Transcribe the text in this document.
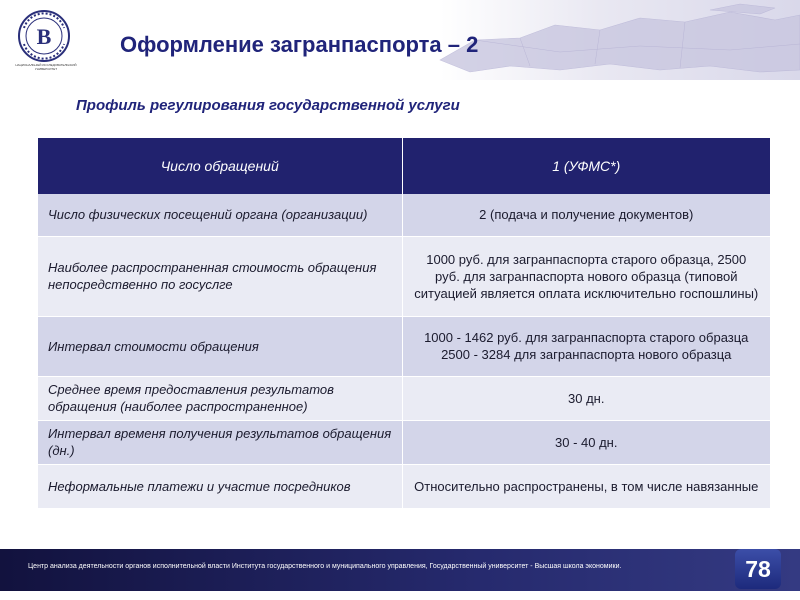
В
НАЦИОНАЛЬНЫЙ ИССЛЕДОВАТЕЛЬСКИЙ УНИВЕРСИТЕТ
Оформление загранпаспорта – 2
Профиль регулирования государственной услуги
Число обращений	1 (УФМС*)
Число физических посещений органа (организации)	2 (подача и получение документов)
Наиболее распространенная стоимость обращения непосредственно по госуслге	1000 руб. для загранпаспорта старого образца, 2500 руб. для загранпаспорта нового образца (типовой ситуацией является оплата исключительно госпошлины)
Интервал стоимости обращения	1000 - 1462 руб. для загранпаспорта старого образца 2500 - 3284 для загранпаспорта нового образца
Среднее время предоставления результатов обращения (наиболее распространенное)	30 дн.
Интервал временя получения результатов обращения (дн.)	30 - 40 дн.
Неформальные платежи и участие посредников	Относительно распространены, в том числе навязанные
Центр анализа деятельности органов исполнительной власти Института государственного и муниципального управления, Государственный университет - Высшая школа экономики.	78
